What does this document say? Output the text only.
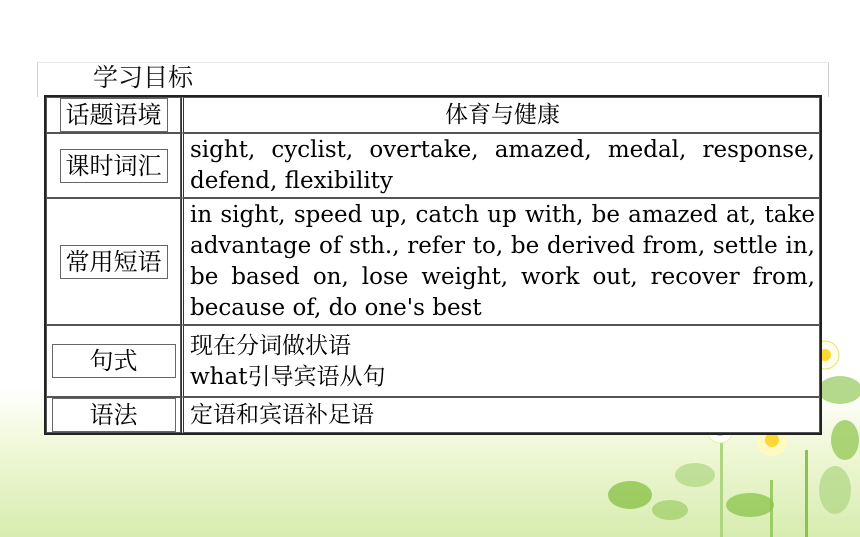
学习目标
话题语境	体育与健康
课时词汇	sight, cyclist, overtake, amazed, medal, response, defend, flexibility
常用短语	in sight, speed up, catch up with, be amazed at, take advantage of sth., refer to, be derived from, settle in, be based on, lose weight, work out, recover from, because of, do one's best
句式	现在分词做状语
what引导宾语从句

语法	定语和宾语补足语
